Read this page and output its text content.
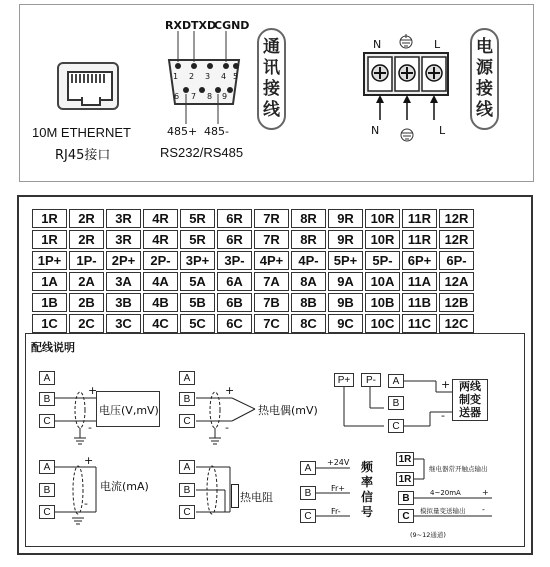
10M ETHERNET
RJ45接口
RXD TXD
CGND
1 2 3 4 5
6 7 8 9
485+ 485-
RS232/RS485
通
讯
接
线
N	L
N	L
电
源
接
线
1R	2R	3R	4R	5R	6R	7R	8R	9R	10R	11R	12R
1R	2R	3R	4R	5R	6R	7R	8R	9R	10R	11R	12R
1P+	1P-	2P+	2P-	3P+	3P-	4P+	4P-	5P+	5P-	6P+	6P-
1A	2A	3A	4A	5A	6A	7A	8A	9A	10A	11A	12A
1B	2B	3B	4B	5B	6B	7B	8B	9B	10B	11B	12B
1C	2C	3C	4C	5C	6C	7C	8C	9C	10C	11C	12C
配线说明
A
B
C
电压(V,mV)
+
-
A
B
C
热电偶(mV)
+
-
A
B
C
电流(mA)
+
-
A
B
C
热电阻
P+	P-	A
B
C
两线制变送器
+
-
A
B
C
+24V
Fr+
Fr-
频
率
信
号
1R
1R
继电器常开触点输出
B
C
4~20mA	+
-
模拟量变送输出
(9~12通道)
